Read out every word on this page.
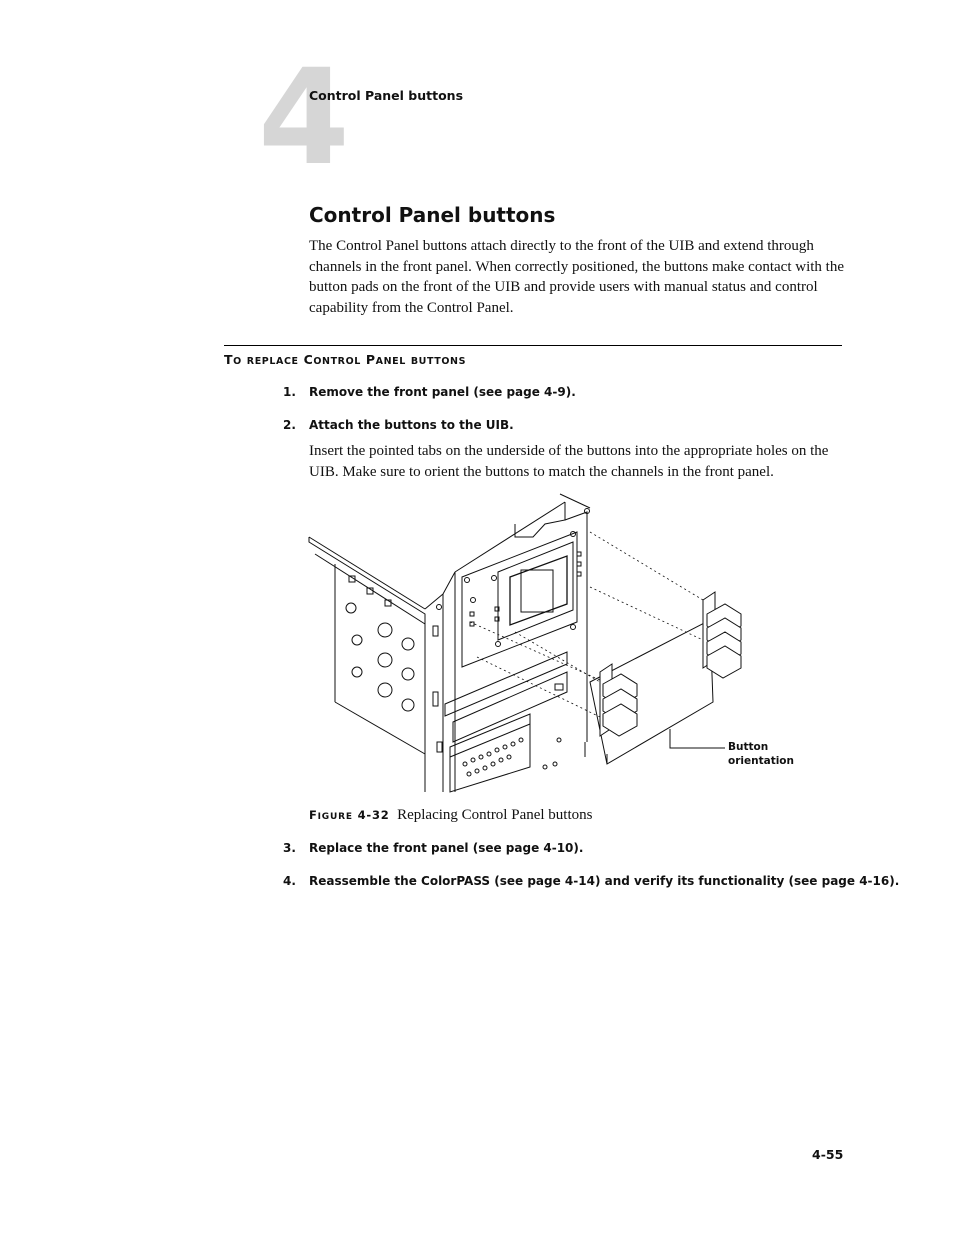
4
Control Panel buttons
Control Panel buttons

The Control Panel buttons attach directly to the front of the UIB and extend through channels in the front panel. When correctly positioned, the buttons make contact with the button pads on the front of the UIB and provide users with manual status and control capability from the Control Panel.

TO REPLACE CONTROL PANEL BUTTONS
1. Remove the front panel (see page 4-9).
2. Attach the buttons to the UIB.

Insert the pointed tabs on the underside of the buttons into the appropriate holes on the UIB. Make sure to orient the buttons to match the channels in the front panel.

Button orientation
FIGURE 4-32 Replacing Control Panel buttons
3. Replace the front panel (see page 4-10).
4. Reassemble the ColorPASS (see page 4-14) and verify its functionality (see page 4-16).
4-55
